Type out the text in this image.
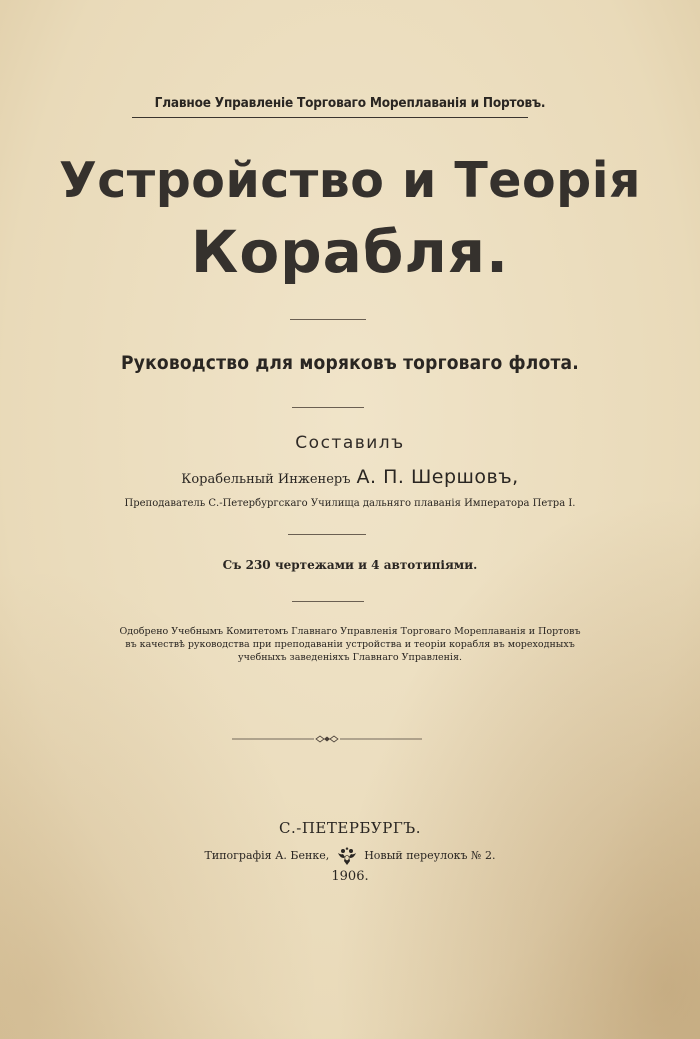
Главное Управленіе Торговаго Мореплаванія и Портовъ.
Устройство и Теорія
Корабля.
Руководство для моряковъ торговаго флота.
Составилъ
Корабельный Инженеръ А. П. Шершовъ,
Преподаватель С.-Петербургскаго Училища дальняго плаванія Императора Петра I.
Съ 230 чертежами и 4 автотипіями.
Одобрено Учебнымъ Комитетомъ Главнаго Управленія Торговаго Мореплаванія и Портовъ
въ качествѣ руководства при преподаваніи устройства и теоріи корабля въ мореходныхъ
учебныхъ заведеніяхъ Главнаго Управленія.
С.-ПЕТЕРБУРГЪ.
Типографія А. Бенке,	Новый переулокъ № 2.
1906.
